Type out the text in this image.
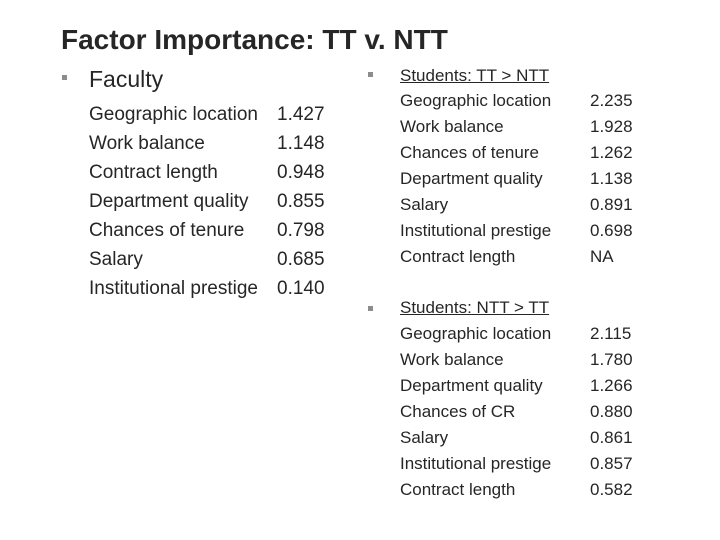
Factor Importance: TT v. NTT
Faculty
Geographic location 1.427
Work balance	1.148
Contract length	0.948
Department quality 0.855
Chances of tenure 0.798
Salary	0.685
Institutional prestige 0.140
Students: TT > NTT
Geographic location 2.235
Work balance	1.928
Chances of tenure	1.262
Department quality	1.138
Salary	0.891
Institutional prestige 0.698
Contract length	NA
Students: NTT > TT
Geographic location 2.115
Work balance	1.780
Department quality	1.266
Chances of CR	0.880
Salary	0.861
Institutional prestige 0.857
Contract length	0.582
